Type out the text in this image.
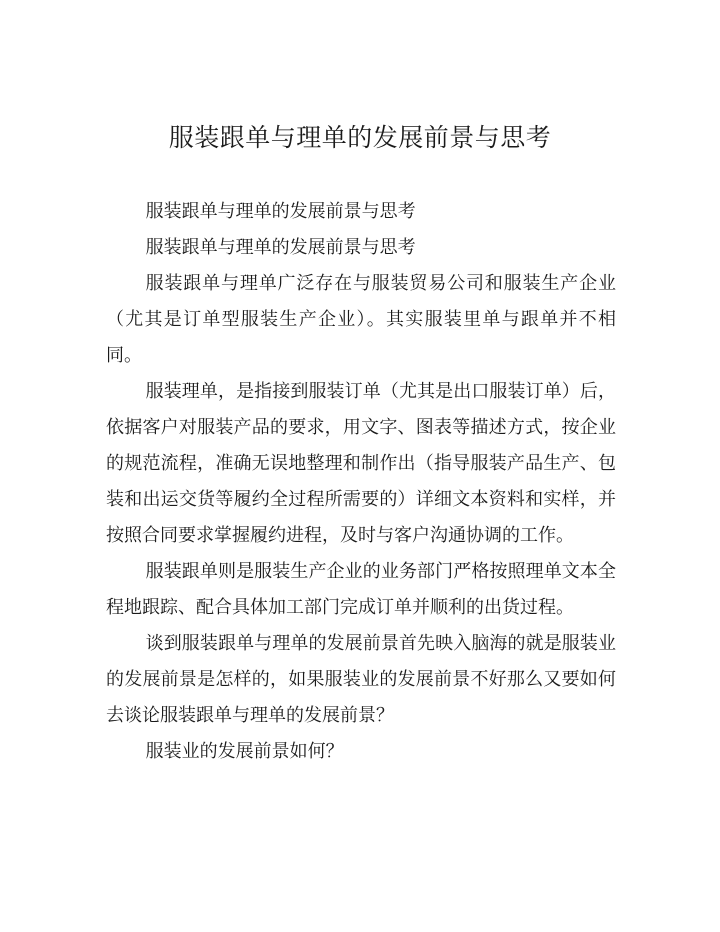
服装跟单与理单的发展前景与思考

服装跟单与理单的发展前景与思考

服装跟单与理单的发展前景与思考

服装跟单与理单广泛存在与服装贸易公司和服装生产企业（尤其是订单型服装生产企业）。其实服装里单与跟单并不相同。

服装理单，是指接到服装订单（尤其是出口服装订单）后，依据客户对服装产品的要求，用文字、图表等描述方式，按企业的规范流程，准确无误地整理和制作出（指导服装产品生产、包装和出运交货等履约全过程所需要的）详细文本资料和实样，并按照合同要求掌握履约进程，及时与客户沟通协调的工作。

服装跟单则是服装生产企业的业务部门严格按照理单文本全程地跟踪、配合具体加工部门完成订单并顺利的出货过程。

谈到服装跟单与理单的发展前景首先映入脑海的就是服装业的发展前景是怎样的，如果服装业的发展前景不好那么又要如何去谈论服装跟单与理单的发展前景？

服装业的发展前景如何？
